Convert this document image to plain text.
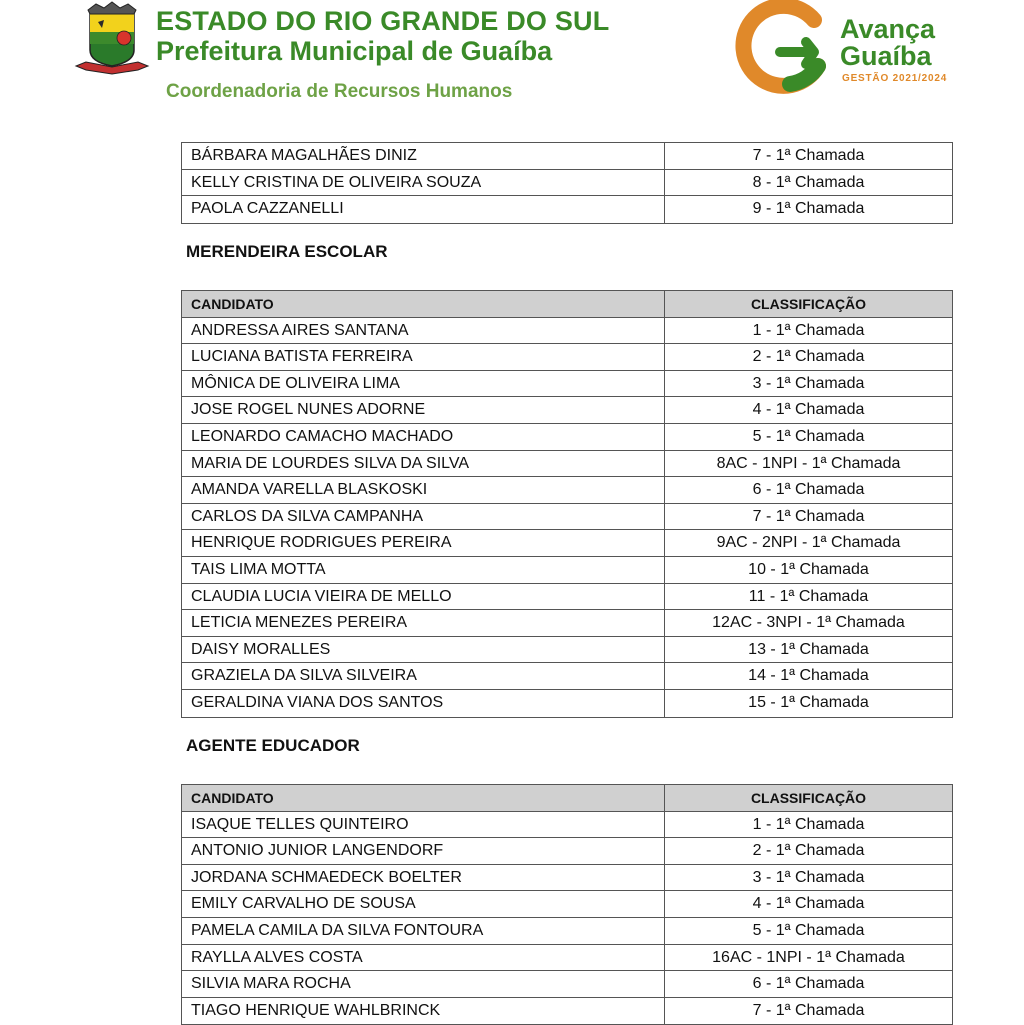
ESTADO DO RIO GRANDE DO SUL
Prefeitura Municipal de Guaíba
Coordenadoria de Recursos Humanos
Avança
Guaíba
GESTÃO 2021/2024
BÁRBARA MAGALHÃES DINIZ	7 - 1ª Chamada
KELLY CRISTINA DE OLIVEIRA SOUZA	8 - 1ª Chamada
PAOLA CAZZANELLI	9 - 1ª Chamada
MERENDEIRA ESCOLAR
CANDIDATO	CLASSIFICAÇÃO
ANDRESSA AIRES SANTANA	1 - 1ª Chamada
LUCIANA BATISTA FERREIRA	2 - 1ª Chamada
MÔNICA DE OLIVEIRA LIMA	3 - 1ª Chamada
JOSE ROGEL NUNES ADORNE	4 - 1ª Chamada
LEONARDO CAMACHO MACHADO	5 - 1ª Chamada
MARIA DE LOURDES SILVA DA SILVA	8AC - 1NPI - 1ª Chamada
AMANDA VARELLA BLASKOSKI	6 - 1ª Chamada
CARLOS DA SILVA CAMPANHA	7 - 1ª Chamada
HENRIQUE RODRIGUES PEREIRA	9AC - 2NPI - 1ª Chamada
TAIS LIMA MOTTA	10 - 1ª Chamada
CLAUDIA LUCIA VIEIRA DE MELLO	11 - 1ª Chamada
LETICIA MENEZES PEREIRA	12AC - 3NPI - 1ª Chamada
DAISY MORALLES	13 - 1ª Chamada
GRAZIELA DA SILVA SILVEIRA	14 - 1ª Chamada
GERALDINA VIANA DOS SANTOS	15 - 1ª Chamada
AGENTE EDUCADOR
CANDIDATO	CLASSIFICAÇÃO
ISAQUE TELLES QUINTEIRO	1 - 1ª Chamada
ANTONIO JUNIOR LANGENDORF	2 - 1ª Chamada
JORDANA SCHMAEDECK BOELTER	3 - 1ª Chamada
EMILY CARVALHO DE SOUSA	4 - 1ª Chamada
PAMELA CAMILA DA SILVA FONTOURA	5 - 1ª Chamada
RAYLLA ALVES COSTA	16AC - 1NPI - 1ª Chamada
SILVIA MARA ROCHA	6 - 1ª Chamada
TIAGO HENRIQUE WAHLBRINCK	7 - 1ª Chamada
